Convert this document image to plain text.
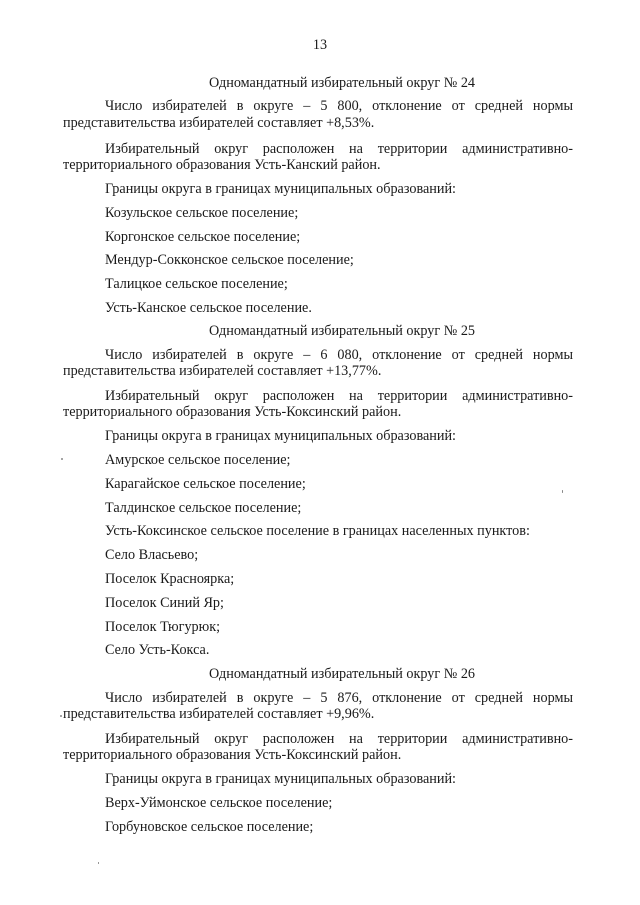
13
Одномандатный избирательный округ № 24
Число избирателей в округе – 5 800, отклонение от средней нормы
представительства избирателей составляет +8,53%.
Избирательный округ расположен на территории административно-
территориального образования Усть-Канский район.
Границы округа в границах муниципальных образований:
Козульское сельское поселение;
Коргонское сельское поселение;
Мендур-Сокконское сельское поселение;
Талицкое сельское поселение;
Усть-Канское сельское поселение.
Одномандатный избирательный округ № 25
Число избирателей в округе – 6 080, отклонение от средней нормы
представительства избирателей составляет +13,77%.
Избирательный округ расположен на территории административно-
территориального образования Усть-Коксинский район.
Границы округа в границах муниципальных образований:
Амурское сельское поселение;
Карагайское сельское поселение;
Талдинское сельское поселение;
Усть-Коксинское сельское поселение в границах населенных пунктов:
Село Власьево;
Поселок Красноярка;
Поселок Синий Яр;
Поселок Тюгурюк;
Село Усть-Кокса.
Одномандатный избирательный округ № 26
Число избирателей в округе – 5 876, отклонение от средней нормы
представительства избирателей составляет +9,96%.
Избирательный округ расположен на территории административно-
территориального образования Усть-Коксинский район.
Границы округа в границах муниципальных образований:
Верх-Уймонское сельское поселение;
Горбуновское сельское поселение;
